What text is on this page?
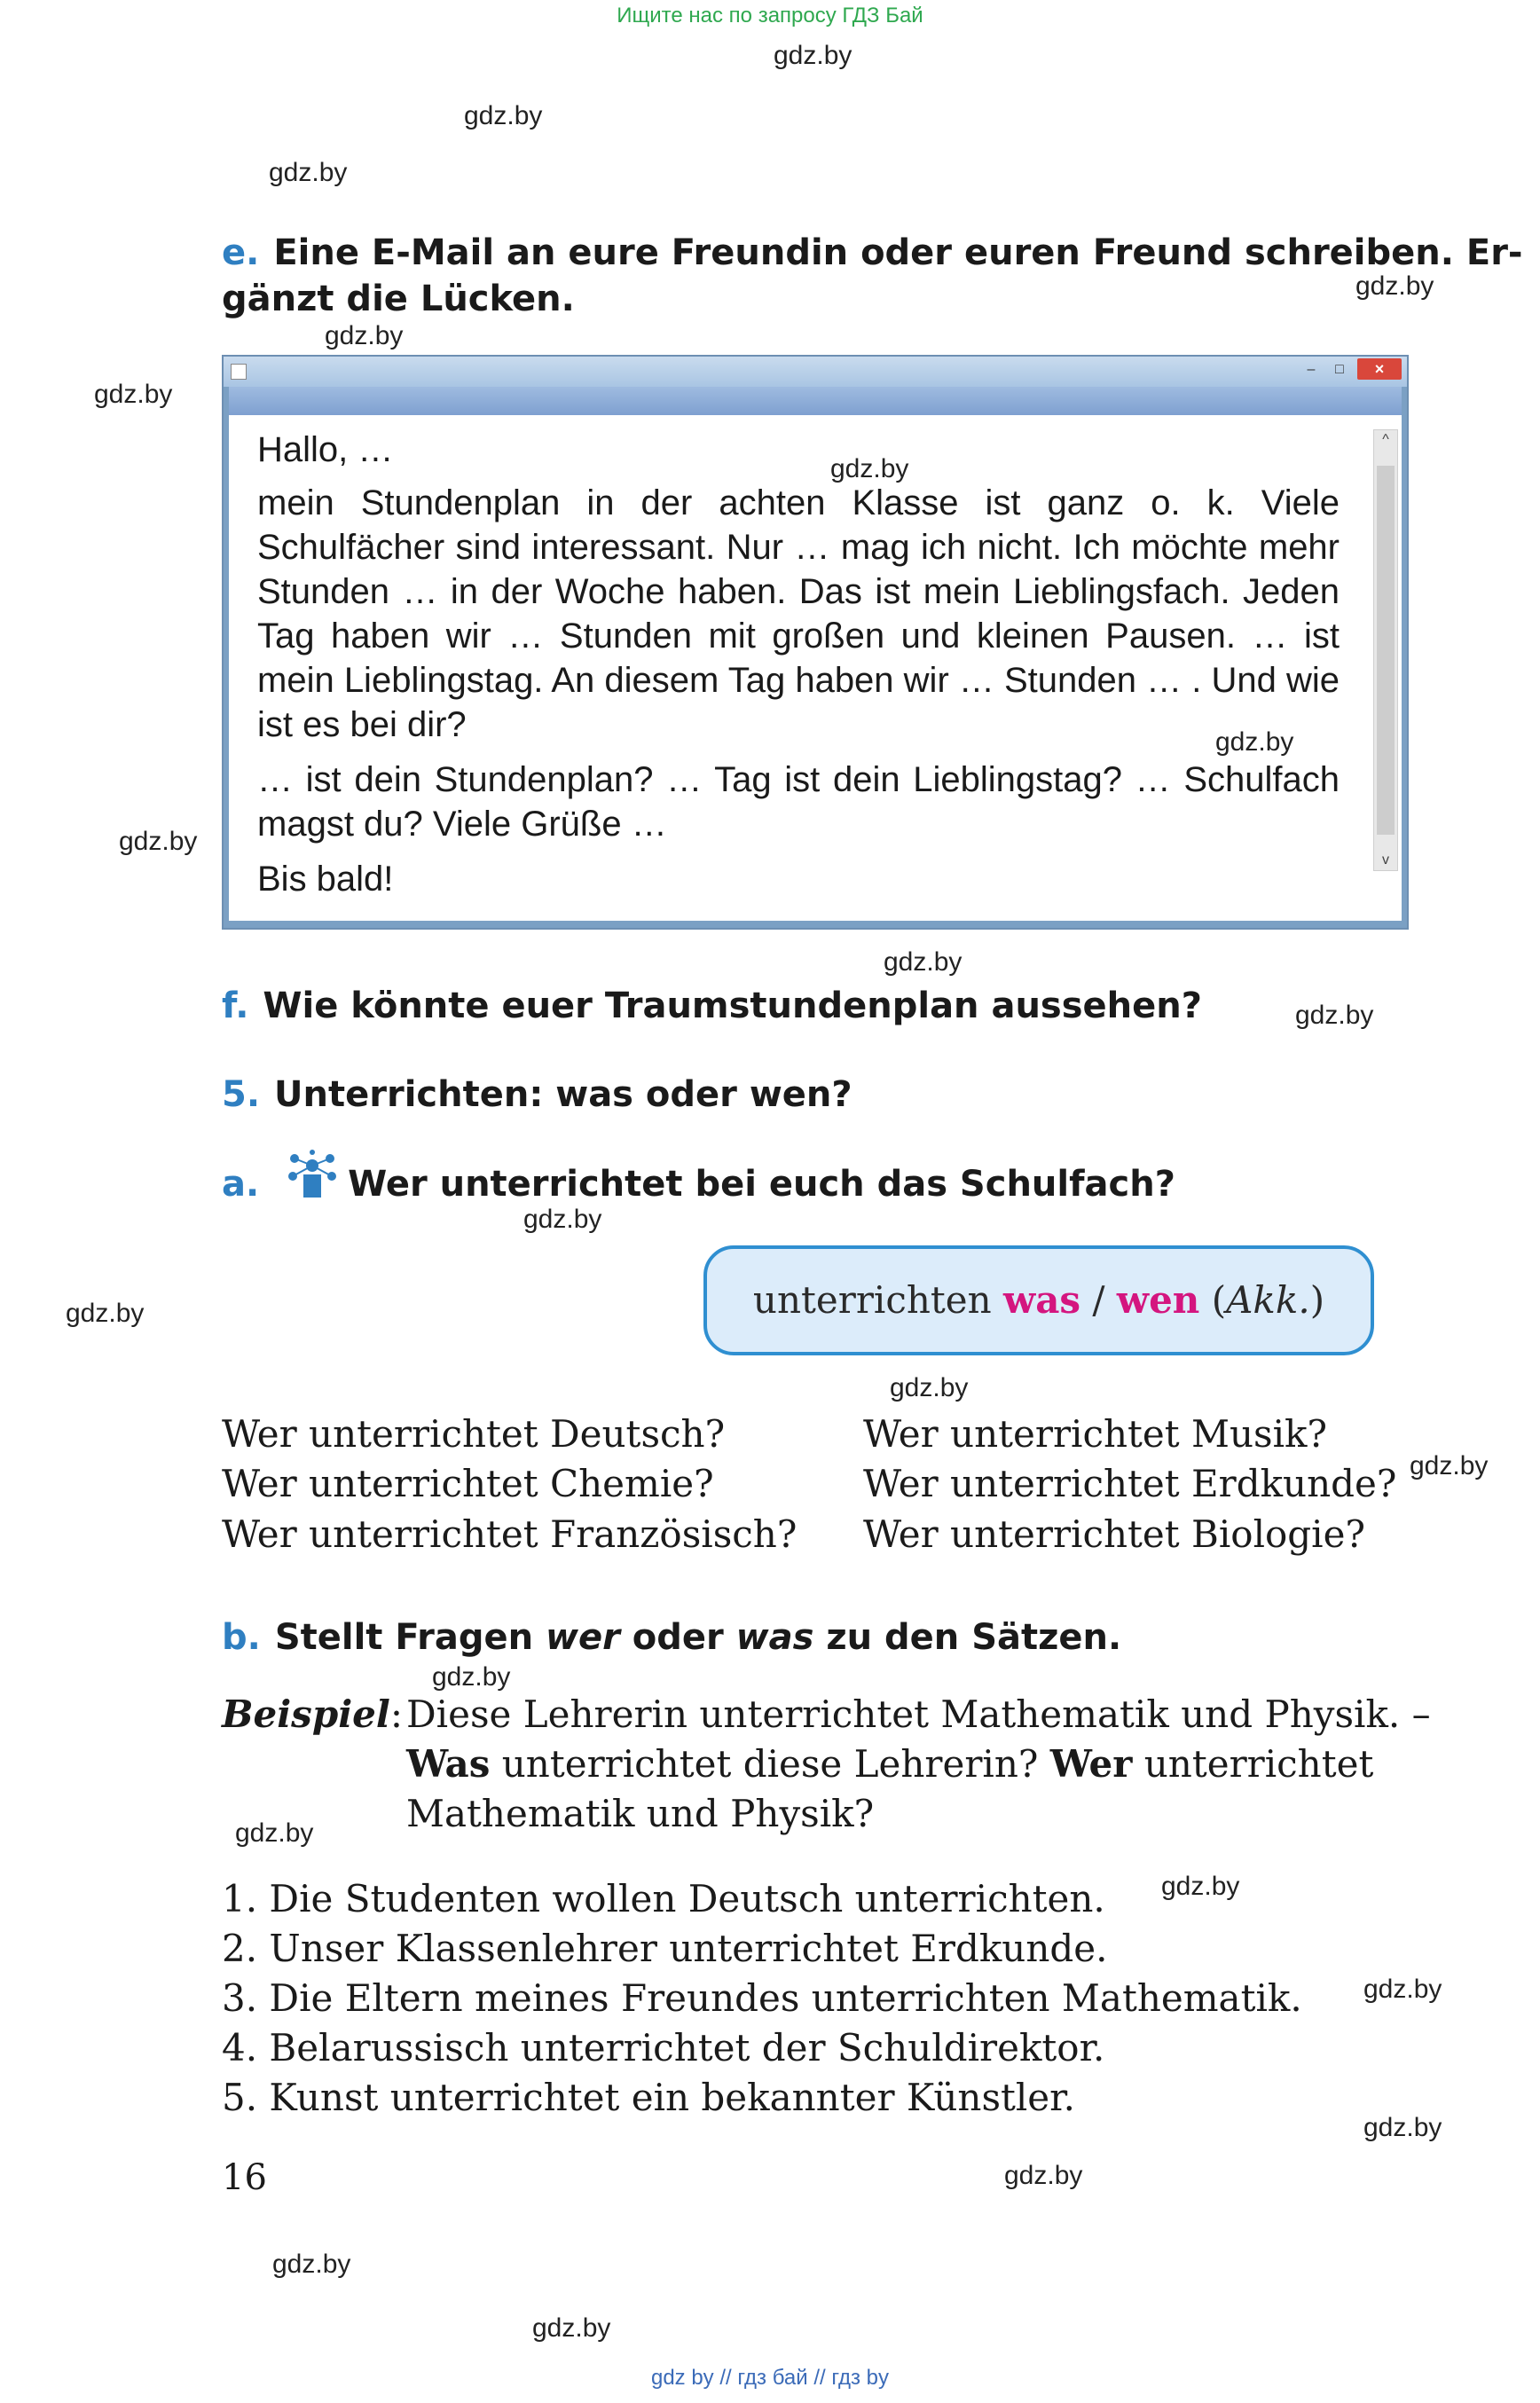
Ищите нас по запросу ГДЗ Бай
gdz.by
gdz.by
gdz.by
gdz.by
gdz.by
gdz.by
gdz.by
gdz.by
gdz.by
gdz.by
gdz.by
gdz.by
gdz.by
gdz.by
gdz.by
gdz.by
gdz.by
gdz.by
gdz.by
gdz.by
gdz.by
e. Eine E-Mail an eure Freundin oder euren Freund schreiben. Er-
gänzt die Lücken.
–	□	×
Hallo, …
mein Stundenplan in der achten Klasse ist ganz o. k. Viele Schulfächer sind interessant. Nur … mag ich nicht. Ich möchte mehr Stunden … in der Woche haben. Das ist mein Lieblingsfach. Jeden Tag haben wir … Stunden mit großen und kleinen Pausen. … ist mein Lieblingstag. An diesem Tag haben wir … Stunden … . Und wie ist es bei dir?
… ist dein Stundenplan? … Tag ist dein Lieblingstag? … Schulfach magst du? Viele Grüße …
Bis bald!
^
v
gdz.by
gdz.by
f. Wie könnte euer Traumstundenplan aussehen?
5. Unterrichten: was oder wen?
a. Wer unterrichtet bei euch das Schulfach?
unterrichten was / wen (Akk.)
Wer unterrichtet Deutsch?
Wer unterrichtet Chemie?
Wer unterrichtet Französisch?
Wer unterrichtet Musik?
Wer unterrichtet Erdkunde?
Wer unterrichtet Biologie?
b. Stellt Fragen wer oder was zu den Sätzen.
Beispiel: Diese Lehrerin unterrichtet Mathematik und Physik. –
Was unterrichtet diese Lehrerin? Wer unterrichtet
Mathematik und Physik?
1. Die Studenten wollen Deutsch unterrichten.
2. Unser Klassenlehrer unterrichtet Erdkunde.
3. Die Eltern meines Freundes unterrichten Mathematik.
4. Belarussisch unterrichtet der Schuldirektor.
5. Kunst unterrichtet ein bekannter Künstler.
16
gdz by // гдз бай // гдз by
